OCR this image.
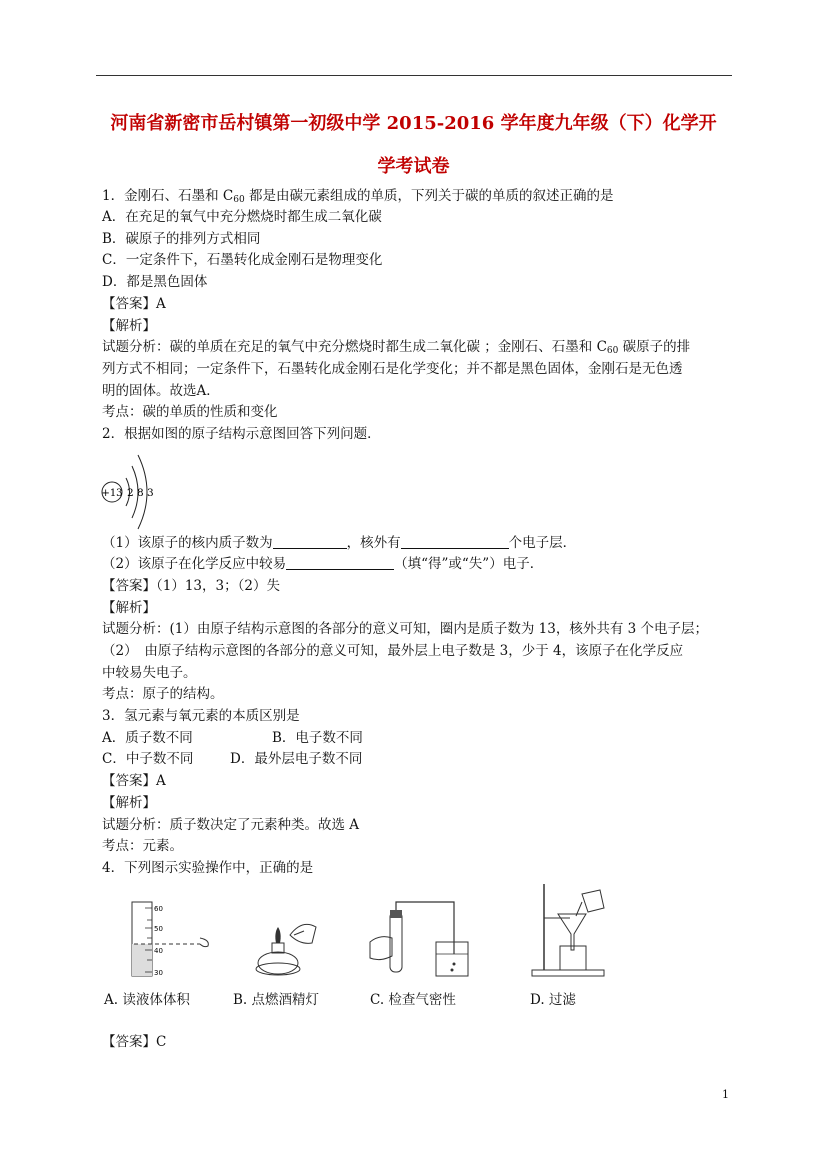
河南省新密市岳村镇第一初级中学 2015-2016 学年度九年级（下）化学开
学考试卷
1．金刚石、石墨和 $C_{60}$ 都是由碳元素组成的单质，下列关于碳的单质的叙述正确的是
A．在充足的氧气中充分燃烧时都生成二氧化碳
B．碳原子的排列方式相同
C．一定条件下，石墨转化成金刚石是物理变化
D．都是黑色固体
【答案】A
【解析】
试题分析：碳的单质在充足的氧气中充分燃烧时都生成二氧化碳 ；金刚石、石墨和 $C_{60}$ 碳原子的排
列方式不相同；一定条件下，石墨转化成金刚石是化学变化；并不都是黑色固体，金刚石是无色透
明的固体。故选A．
考点：碳的单质的性质和变化
2．根据如图的原子结构示意图回答下列问题．
+13 2 8 3
（1）该原子的核内质子数为	，核外有	个电子层．
（2）该原子在化学反应中较易	（填“得”或“失”）电子．
【答案】（1）13，3；（2）失
【解析】
试题分析：(1）由原子结构示意图的各部分的意义可知，圈内是质子数为 13，核外共有 3 个电子层；
（2）　由原子结构示意图的各部分的意义可知，最外层上电子数是 3，少于 4，该原子在化学反应
中较易失电子。
考点：原子的结构。
3．氢元素与氧元素的本质区别是
A．质子数不同	B．电子数不同
C．中子数不同	D．最外层电子数不同
【答案】A
【解析】
试题分析：质子数决定了元素种类。故选 A
考点：元素。
4．下列图示实验操作中，正确的是
60
50
40
30
A. 读液体体积	B. 点燃酒精灯	C. 检查气密性	D. 过滤
【答案】C
1
